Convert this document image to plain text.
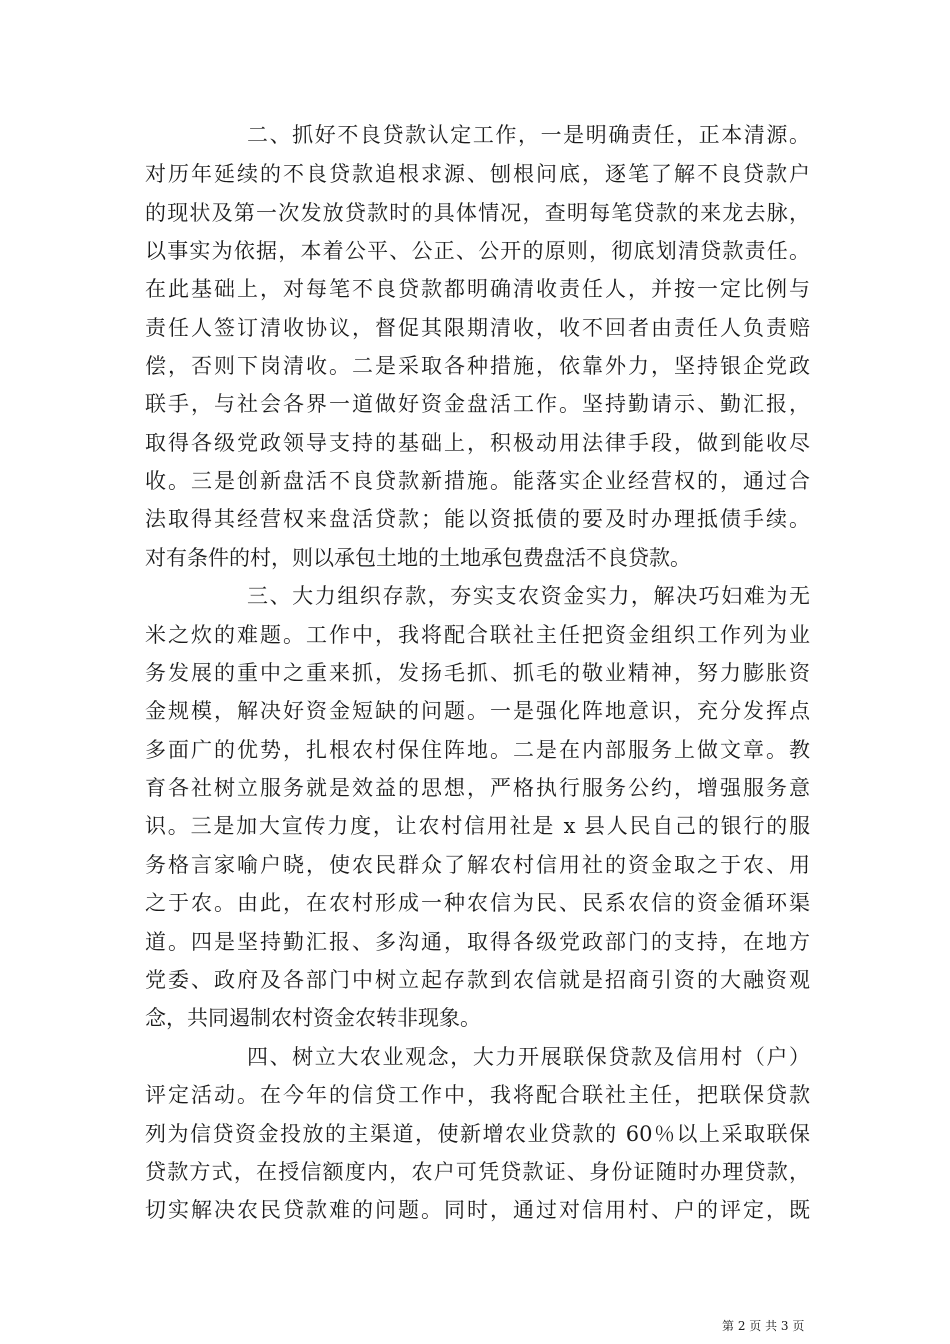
二、抓好不良贷款认定工作，一是明确责任，正本清源。
对历年延续的不良贷款追根求源、刨根问底，逐笔了解不良贷款户
的现状及第一次发放贷款时的具体情况，查明每笔贷款的来龙去脉，
以事实为依据，本着公平、公正、公开的原则，彻底划清贷款责任。
在此基础上，对每笔不良贷款都明确清收责任人，并按一定比例与
责任人签订清收协议，督促其限期清收，收不回者由责任人负责赔
偿，否则下岗清收。二是采取各种措施，依靠外力，坚持银企党政
联手，与社会各界一道做好资金盘活工作。坚持勤请示、勤汇报，
取得各级党政领导支持的基础上，积极动用法律手段，做到能收尽
收。三是创新盘活不良贷款新措施。能落实企业经营权的，通过合
法取得其经营权来盘活贷款；能以资抵债的要及时办理抵债手续。
对有条件的村，则以承包土地的土地承包费盘活不良贷款。
三、大力组织存款，夯实支农资金实力，解决巧妇难为无
米之炊的难题。工作中，我将配合联社主任把资金组织工作列为业
务发展的重中之重来抓，发扬毛抓、抓毛的敬业精神，努力膨胀资
金规模，解决好资金短缺的问题。一是强化阵地意识，充分发挥点
多面广的优势，扎根农村保住阵地。二是在内部服务上做文章。教
育各社树立服务就是效益的思想，严格执行服务公约，增强服务意
识。三是加大宣传力度，让农村信用社是 x 县人民自己的银行的服
务格言家喻户晓，使农民群众了解农村信用社的资金取之于农、用
之于农。由此，在农村形成一种农信为民、民系农信的资金循环渠
道。四是坚持勤汇报、多沟通，取得各级党政部门的支持，在地方
党委、政府及各部门中树立起存款到农信就是招商引资的大融资观
念，共同遏制农村资金农转非现象。
四、树立大农业观念，大力开展联保贷款及信用村（户）
评定活动。在今年的信贷工作中，我将配合联社主任，把联保贷款
列为信贷资金投放的主渠道，使新增农业贷款的 60％以上采取联保
贷款方式，在授信额度内，农户可凭贷款证、身份证随时办理贷款，
切实解决农民贷款难的问题。同时，通过对信用村、户的评定，既
第 2 页 共 3 页
